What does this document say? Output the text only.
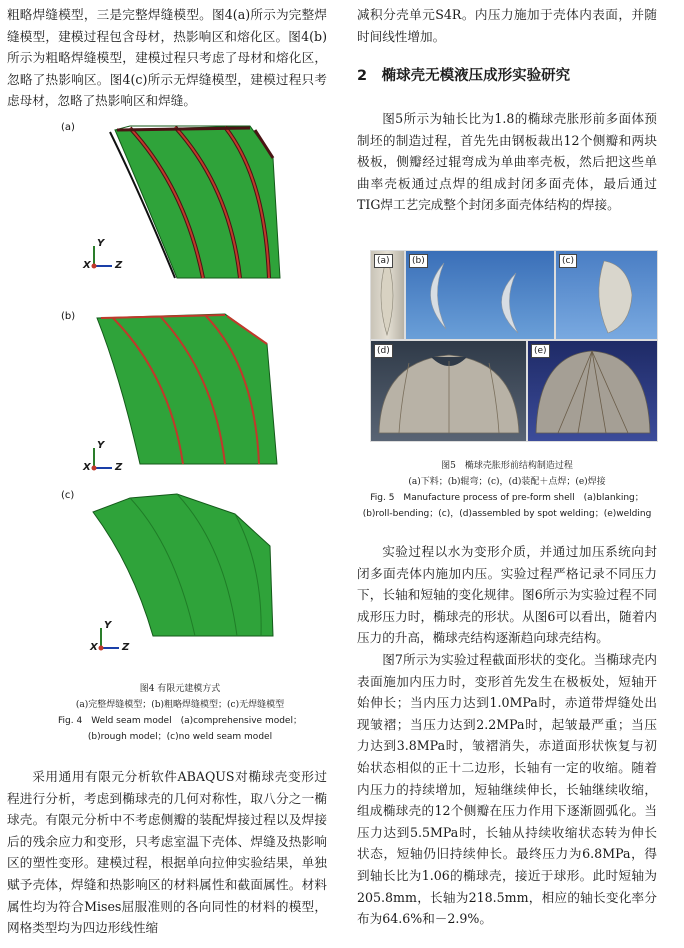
粗略焊缝模型，三是完整焊缝模型。图4(a)所示为完整焊缝模型，建模过程包含母材，热影响区和熔化区。图4(b)所示为粗略焊缝模型，建模过程只考虑了母材和熔化区，忽略了热影响区。图4(c)所示无焊缝模型，建模过程只考虑母材，忽略了热影响区和焊缝。

(a)
Y
X Z
(b)
Y
X Z
(c)
Y
X Z

图4 有限元建模方式

(a)完整焊缝模型；(b)粗略焊缝模型；(c)无焊缝模型

Fig. 4　Weld seam model　(a)comprehensive model；

(b)rough model；(c)no weld seam model

采用通用有限元分析软件ABAQUS对椭球壳变形过程进行分析，考虑到椭球壳的几何对称性，取八分之一椭球壳。有限元分析中不考虑侧瓣的装配焊接过程以及焊接后的残余应力和变形，只考虑室温下壳体、焊缝及热影响区的塑性变形。建模过程，根据单向拉伸实验结果，单独赋予壳体，焊缝和热影响区的材料属性和截面属性。材料属性均为符合Mises屈服准则的各向同性的材料的模型，网格类型均为四边形线性缩

减积分壳单元S4R。内压力施加于壳体内表面，并随时间线性增加。

2　椭球壳无模液压成形实验研究

图5所示为轴长比为1.8的椭球壳胀形前多面体预制坯的制造过程，首先先由钢板裁出12个侧瓣和两块极板，侧瓣经过辊弯成为单曲率壳板，然后把这些单曲率壳板通过点焊的组成封闭多面壳体，最后通过TIG焊工艺完成整个封闭多面壳体结构的焊接。

(a)	(b)	(c)
(d)	(e)

图5　椭球壳胀形前结构制造过程

(a)下料；(b)辊弯；(c)，(d)装配＋点焊；(e)焊接

Fig. 5　Manufacture process of pre-form shell　(a)blanking；

(b)roll-bending；(c)，(d)assembled by spot welding；(e)welding

实验过程以水为变形介质，并通过加压系统向封闭多面壳体内施加内压。实验过程严格记录不同压力下，长轴和短轴的变化规律。图6所示为实验过程不同成形压力时，椭球壳的形状。从图6可以看出，随着内压力的升高，椭球壳结构逐渐趋向球壳结构。

图7所示为实验过程截面形状的变化。当椭球壳内表面施加内压力时，变形首先发生在极板处，短轴开始伸长；当内压力达到1.0MPa时，赤道带焊缝处出现皱褶；当压力达到2.2MPa时，起皱最严重；当压力达到3.8MPa时，皱褶消失，赤道面形状恢复与初始状态相似的正十二边形，长轴有一定的收缩。随着内压力的持续增加，短轴继续伸长，长轴继续收缩，组成椭球壳的12个侧瓣在压力作用下逐渐圆弧化。当压力达到5.5MPa时，长轴从持续收缩状态转为伸长状态，短轴仍旧持续伸长。最终压力为6.8MPa，得到轴长比为1.06的椭球壳，接近于球形。此时短轴为205.8mm，长轴为218.5mm，相应的轴长变化率分布为64.6%和－2.9%。
